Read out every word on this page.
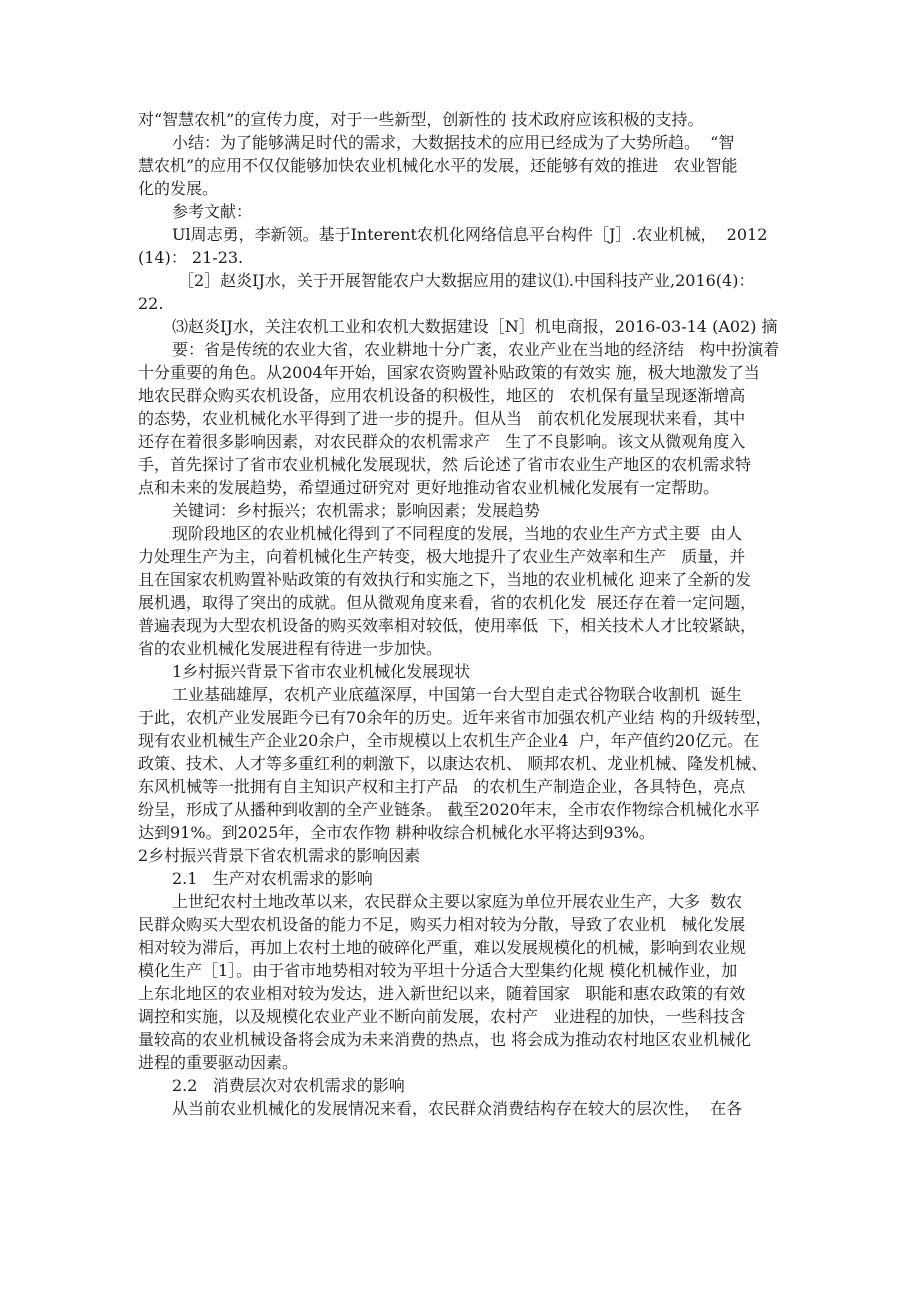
对“智慧农机”的宣传力度，对于一些新型，创新性的 技术政府应该积极的支持。
小结：为了能够满足时代的需求，大数据技术的应用已经成为了大势所趋。  “智
慧农机”的应用不仅仅能够加快农业机械化水平的发展，还能够有效的推进   农业智能
化的发展。
参考文献：
Ul周志勇，李新领。基于Interent农机化网络信息平台构件［J］.农业机械，  2012
(14)： 21-23.
［2］赵炎IJ水，关于开展智能农户大数据应用的建议⑴.中国科技产业,2016(4)：
22.
⑶赵炎IJ水，关注农机工业和农机大数据建设［N］机电商报，2016-03-14 (A02) 摘
要：省是传统的农业大省，农业耕地十分广袤，农业产业在当地的经济结   构中扮演着
十分重要的角色。从2004年开始，国家农资购置补贴政策的有效实 施，极大地激发了当
地农民群众购买农机设备，应用农机设备的积极性，地区的   农机保有量呈现逐渐增高
的态势，农业机械化水平得到了进一步的提升。但从当   前农机化发展现状来看，其中
还存在着很多影响因素，对农民群众的农机需求产   生了不良影响。该文从微观角度入
手，首先探讨了省市农业机械化发展现状，然 后论述了省市农业生产地区的农机需求特
点和未来的发展趋势，希望通过研究对 更好地推动省农业机械化发展有一定帮助。
关键词：乡村振兴；农机需求；影响因素；发展趋势
现阶段地区的农业机械化得到了不同程度的发展，当地的农业生产方式主要  由人
力处理生产为主，向着机械化生产转变，极大地提升了农业生产效率和生产   质量，并
且在国家农机购置补贴政策的有效执行和实施之下，当地的农业机械化 迎来了全新的发
展机遇，取得了突出的成就。但从微观角度来看，省的农机化发  展还存在着一定问题，
普遍表现为大型农机设备的购买效率相对较低，使用率低  下，相关技术人才比较紧缺，
省的农业机械化发展进程有待进一步加快。
1乡村振兴背景下省市农业机械化发展现状
工业基础雄厚，农机产业底蕴深厚，中国第一台大型自走式谷物联合收割机  诞生
于此，农机产业发展距今已有70余年的历史。近年来省市加强农机产业结 构的升级转型，
现有农业机械生产企业20余户，全市规模以上农机生产企业4  户，年产值约20亿元。在
政策、技术、人才等多重红利的刺激下，以康达农机、 顺邦农机、龙业机械、隆发机械、
东风机械等一批拥有自主知识产权和主打产品   的农机生产制造企业，各具特色，亮点
纷呈，形成了从播种到收割的全产业链条。 截至2020年末，全市农作物综合机械化水平
达到91%。到2025年，全市农作物 耕种收综合机械化水平将达到93%。
2乡村振兴背景下省农机需求的影响因素
2.1   生产对农机需求的影响
上世纪农村土地改革以来，农民群众主要以家庭为单位开展农业生产，大多  数农
民群众购买大型农机设备的能力不足，购买力相对较为分散，导致了农业机   械化发展
相对较为滞后，再加上农村土地的破碎化严重，难以发展规模化的机械，影响到农业规
模化生产［1］。由于省市地势相对较为平坦十分适合大型集约化规 模化机械作业，加
上东北地区的农业相对较为发达，进入新世纪以来，随着国家   职能和惠农政策的有效
调控和实施，以及规模化农业产业不断向前发展，农村产   业进程的加快，一些科技含
量较高的农业机械设备将会成为未来消费的热点，也 将会成为推动农村地区农业机械化
进程的重要驱动因素。
2.2   消费层次对农机需求的影响
从当前农业机械化的发展情况来看，农民群众消费结构存在较大的层次性，  在各
